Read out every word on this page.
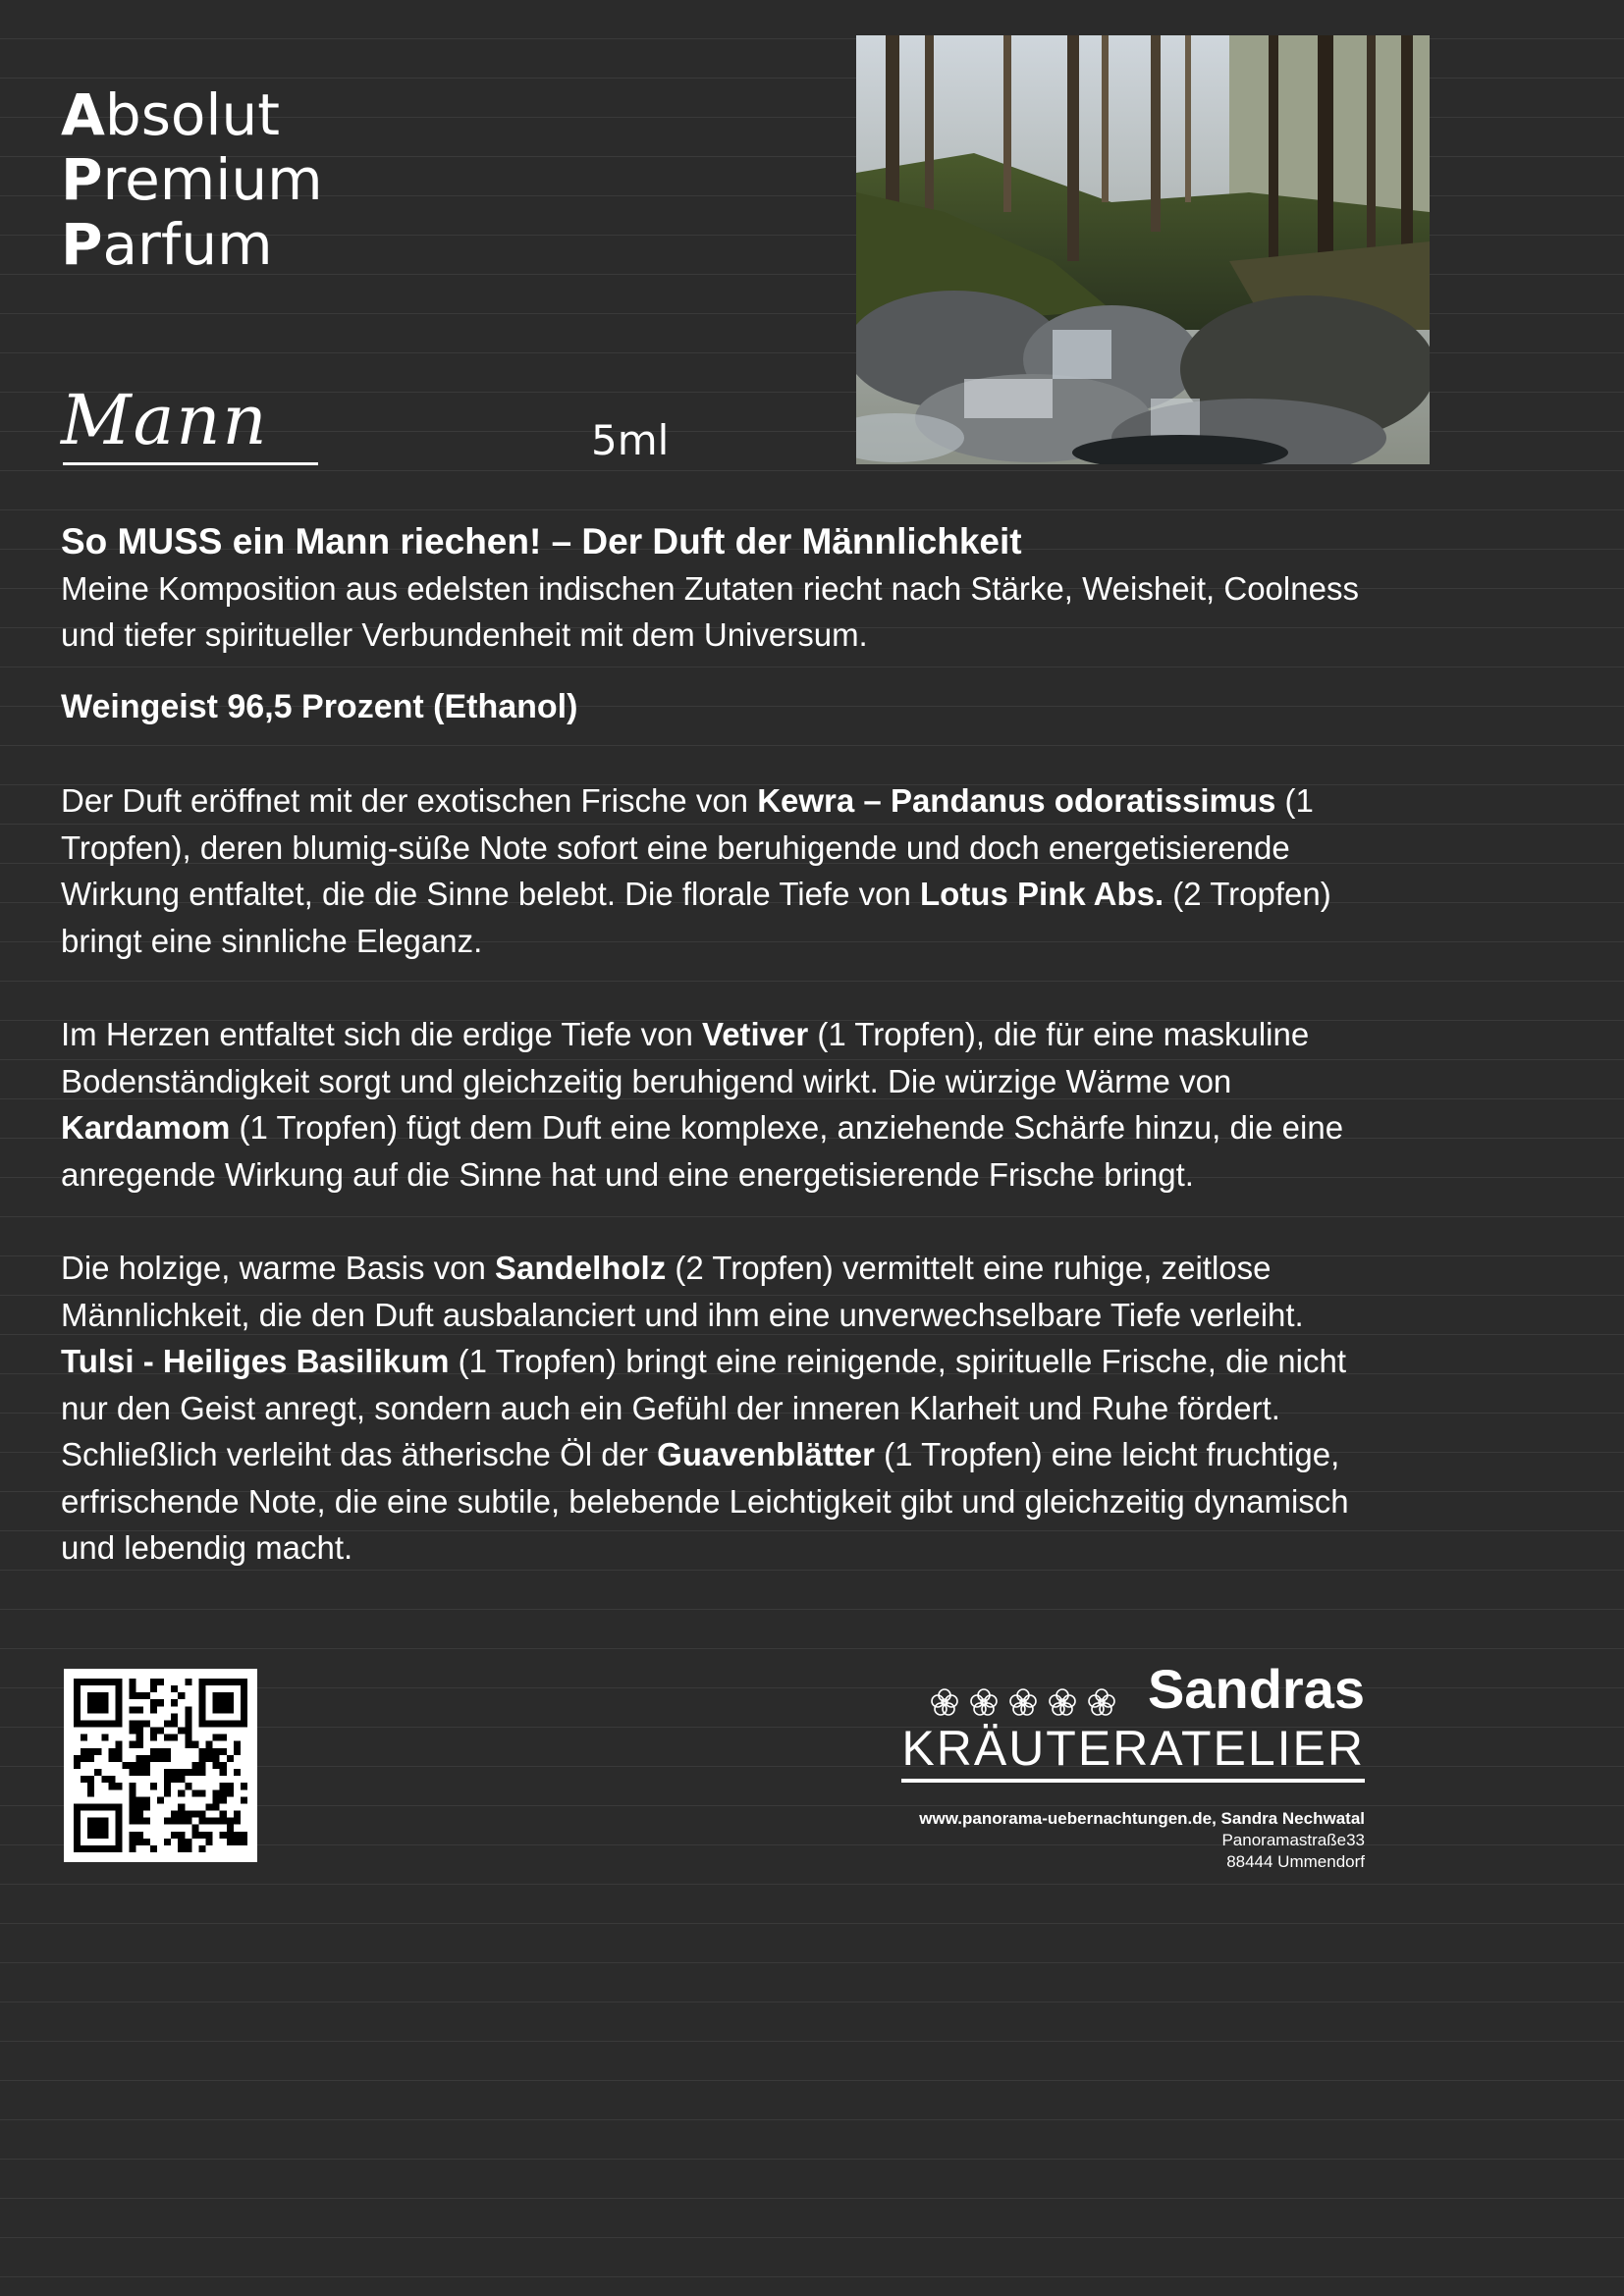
Absolut
Premium
Parfum
Mann	5ml
So MUSS ein Mann riechen! – Der Duft der Männlichkeit
Meine Komposition aus edelsten indischen Zutaten riecht nach Stärke, Weisheit, Coolness und tiefer spiritueller Verbundenheit mit dem Universum.
Weingeist 96,5 Prozent (Ethanol)
Der Duft eröffnet mit der exotischen Frische von Kewra – Pandanus odoratissimus (1 Tropfen), deren blumig-süße Note sofort eine beruhigende und doch energetisierende Wirkung entfaltet, die die Sinne belebt. Die florale Tiefe von Lotus Pink Abs. (2 Tropfen) bringt eine sinnliche Eleganz.
Im Herzen entfaltet sich die erdige Tiefe von Vetiver (1 Tropfen), die für eine maskuline Bodenständigkeit sorgt und gleichzeitig beruhigend wirkt. Die würzige Wärme von Kardamom (1 Tropfen) fügt dem Duft eine komplexe, anziehende Schärfe hinzu, die eine anregende Wirkung auf die Sinne hat und eine energetisierende Frische bringt.
Die holzige, warme Basis von Sandelholz (2 Tropfen) vermittelt eine ruhige, zeitlose Männlichkeit, die den Duft ausbalanciert und ihm eine unverwechselbare Tiefe verleiht. Tulsi - Heiliges Basilikum (1 Tropfen) bringt eine reinigende, spirituelle Frische, die nicht nur den Geist anregt, sondern auch ein Gefühl der inneren Klarheit und Ruhe fördert. Schließlich verleiht das ätherische Öl der Guavenblätter (1 Tropfen) eine leicht fruchtige, erfrischende Note, die eine subtile, belebende Leichtigkeit gibt und gleichzeitig dynamisch und lebendig macht.
Sandras
KRÄUTERATELIER
www.panorama-uebernachtungen.de, Sandra Nechwatal
Panoramastraße33
88444 Ummendorf
